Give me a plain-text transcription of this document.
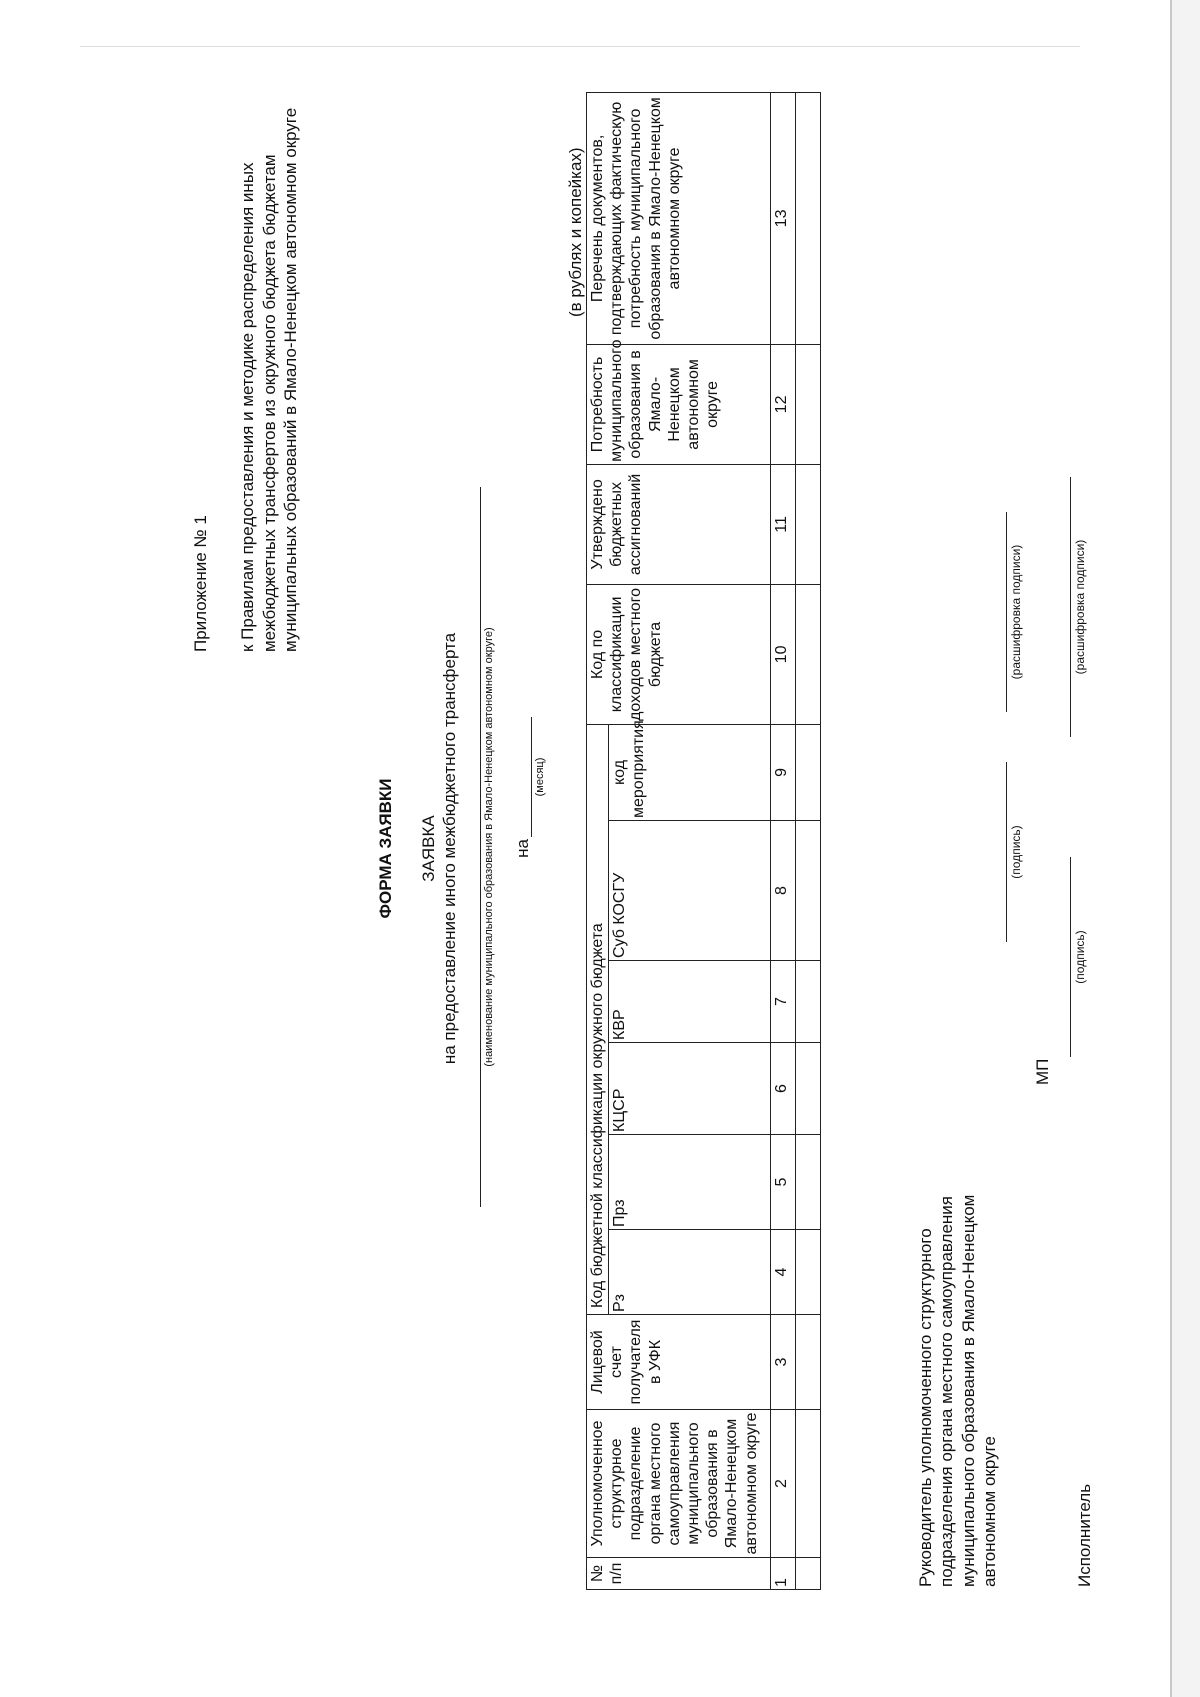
Приложение № 1 к Правилам предоставления и методике распределения иных межбюджетных трансфертов из окружного бюджета бюджетам муниципальных образований в Ямало-Ненецком автономном округе
ФОРМА ЗАЯВКИ ЗАЯВКА на предоставление иного межбюджетного трансферта (наименование муниципального образования в Ямало-Ненецком автономном округе) на
(месяц)
(в рублях и копейках)
№ п/п	Уполномоченное структурное подразделение органа местного самоуправления муниципального образования в Ямало-Ненецком автономном округе	Лицевой счет получателя в УФК	Код бюджетной классификации окружного бюджета						Код по классификации доходов местного бюджета	Утверждено бюджетных ассигнований	Потребность муниципального образования в Ямало-Ненецком автономном округе	Перечень документов, подтверждающих фактическую потребность муниципального образования в Ямало-Ненецком автономном округе
			Рз	Прз	КЦСР	КВР	Суб КОСГУ	код мероприятия				
1	2	3	4	5	6	7	8	9	10	11	12	13

Руководитель уполномоченного структурного подразделения органа местного самоуправления муниципального образования в Ямало-Ненецком автономном округе
(подпись)
(расшифровка подписи)
МП
Исполнитель
(подпись)
(расшифровка подписи)
